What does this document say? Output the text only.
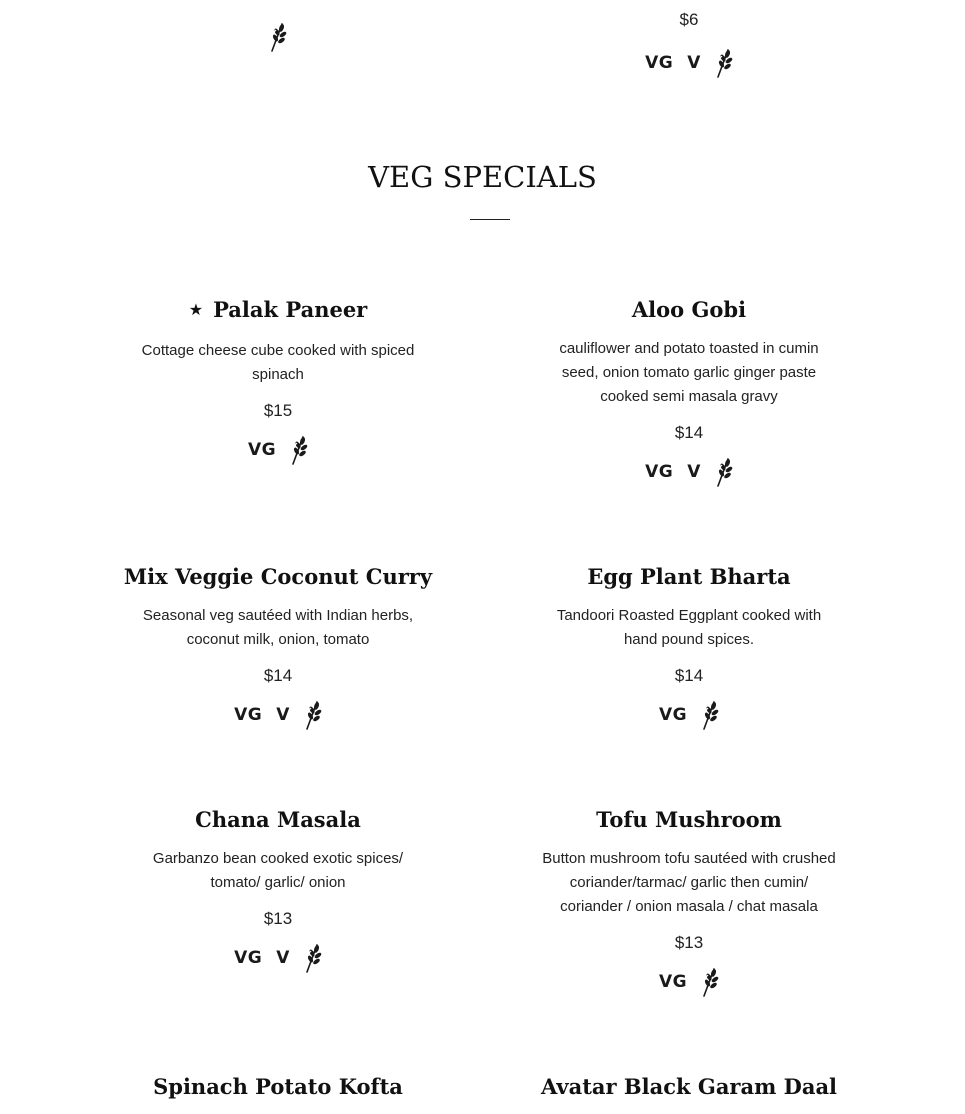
$6
VG V
VEG SPECIALS
★ Palak Paneer
Cottage cheese cube cooked with spiced spinach
$15
VG
Aloo Gobi
cauliflower and potato toasted in cumin seed, onion tomato garlic ginger paste cooked semi masala gravy
$14
VG V
Mix Veggie Coconut Curry
Seasonal veg sautéed with Indian herbs, coconut milk, onion, tomato
$14
VG V
Egg Plant Bharta
Tandoori Roasted Eggplant cooked with hand pound spices.
$14
VG
Chana Masala
Garbanzo bean cooked exotic spices/ tomato/ garlic/ onion
$13
VG V
Tofu Mushroom
Button mushroom tofu sautéed with crushed coriander/tarmac/ garlic then cumin/ coriander / onion masala / chat masala
$13
VG
Spinach Potato Kofta	Avatar Black Garam Daal
